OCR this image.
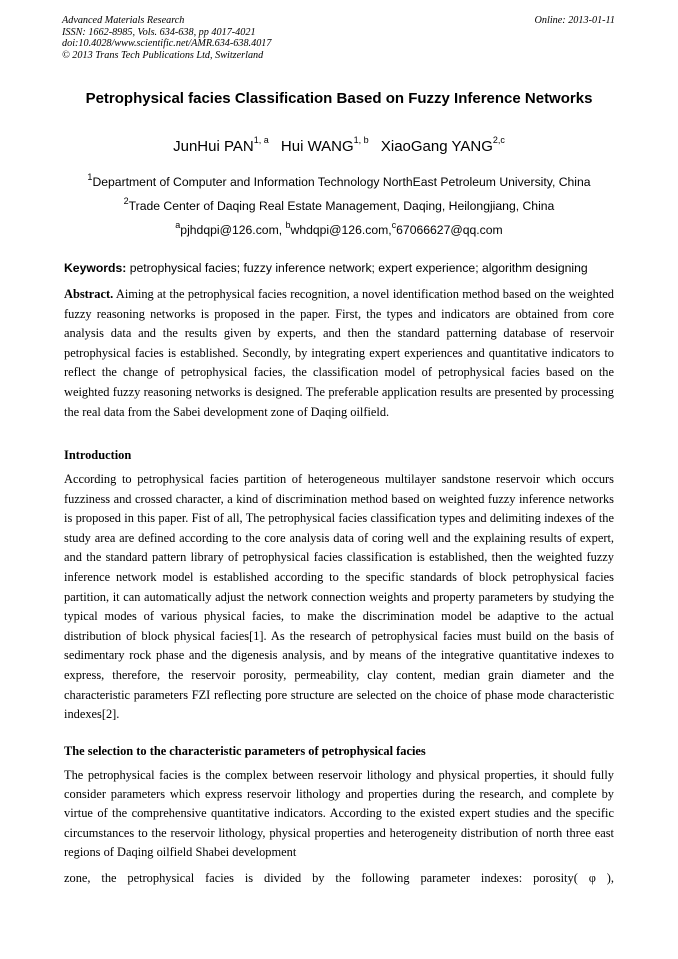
Advanced Materials Research
ISSN: 1662-8985, Vols. 634-638, pp 4017-4021
doi:10.4028/www.scientific.net/AMR.634-638.4017
© 2013 Trans Tech Publications Ltd, Switzerland
Online: 2013-01-11
Petrophysical facies Classification Based on Fuzzy Inference Networks
JunHui PAN$^{1, a}$ Hui WANG$^{1, b}$ XiaoGang YANG$^{2,c}$
$^1$Department of Computer and Information Technology NorthEast Petroleum University, China
$^2$Trade Center of Daqing Real Estate Management, Daqing, Heilongjiang, China
$^a$pjhdqpi@126.com, $^b$whdqpi@126.com,$^c$67066627@qq.com
Keywords: petrophysical facies; fuzzy inference network; expert experience; algorithm designing
Abstract. Aiming at the petrophysical facies recognition, a novel identification method based on the weighted fuzzy reasoning networks is proposed in the paper. First, the types and indicators are obtained from core analysis data and the results given by experts, and then the standard patterning database of reservoir petrophysical facies is established. Secondly, by integrating expert experiences and quantitative indicators to reflect the change of petrophysical facies, the classification model of petrophysical facies based on the weighted fuzzy reasoning networks is designed. The preferable application results are presented by processing the real data from the Sabei development zone of Daqing oilfield.
Introduction
According to petrophysical facies partition of heterogeneous multilayer sandstone reservoir which occurs fuzziness and crossed character, a kind of discrimination method based on weighted fuzzy inference networks is proposed in this paper. Fist of all, The petrophysical facies classification types and delimiting indexes of the study area are defined according to the core analysis data of coring well and the explaining results of expert, and the standard pattern library of petrophysical facies classification is established, then the weighted fuzzy inference network model is established according to the specific standards of block petrophysical facies partition, it can automatically adjust the network connection weights and property parameters by studying the typical modes of various physical facies, to make the discrimination model be adaptive to the actual distribution of block physical facies[1]. As the research of petrophysical facies must build on the basis of sedimentary rock phase and the digenesis analysis, and by means of the integrative quantitative indexes to express, therefore, the reservoir porosity, permeability, clay content, median grain diameter and the characteristic parameters FZI reflecting pore structure are selected on the choice of phase mode characteristic indexes[2].
The selection to the characteristic parameters of petrophysical facies
The petrophysical facies is the complex between reservoir lithology and physical properties, it should fully consider parameters which express reservoir lithology and properties during the research, and complete by virtue of the comprehensive quantitative indicators. According to the existed expert studies and the specific circumstances to the reservoir lithology, physical properties and heterogeneity distribution of north three east regions of Daqing oilfield Shabei development
zone, the petrophysical facies is divided by the following parameter indexes: porosity( φ ),
